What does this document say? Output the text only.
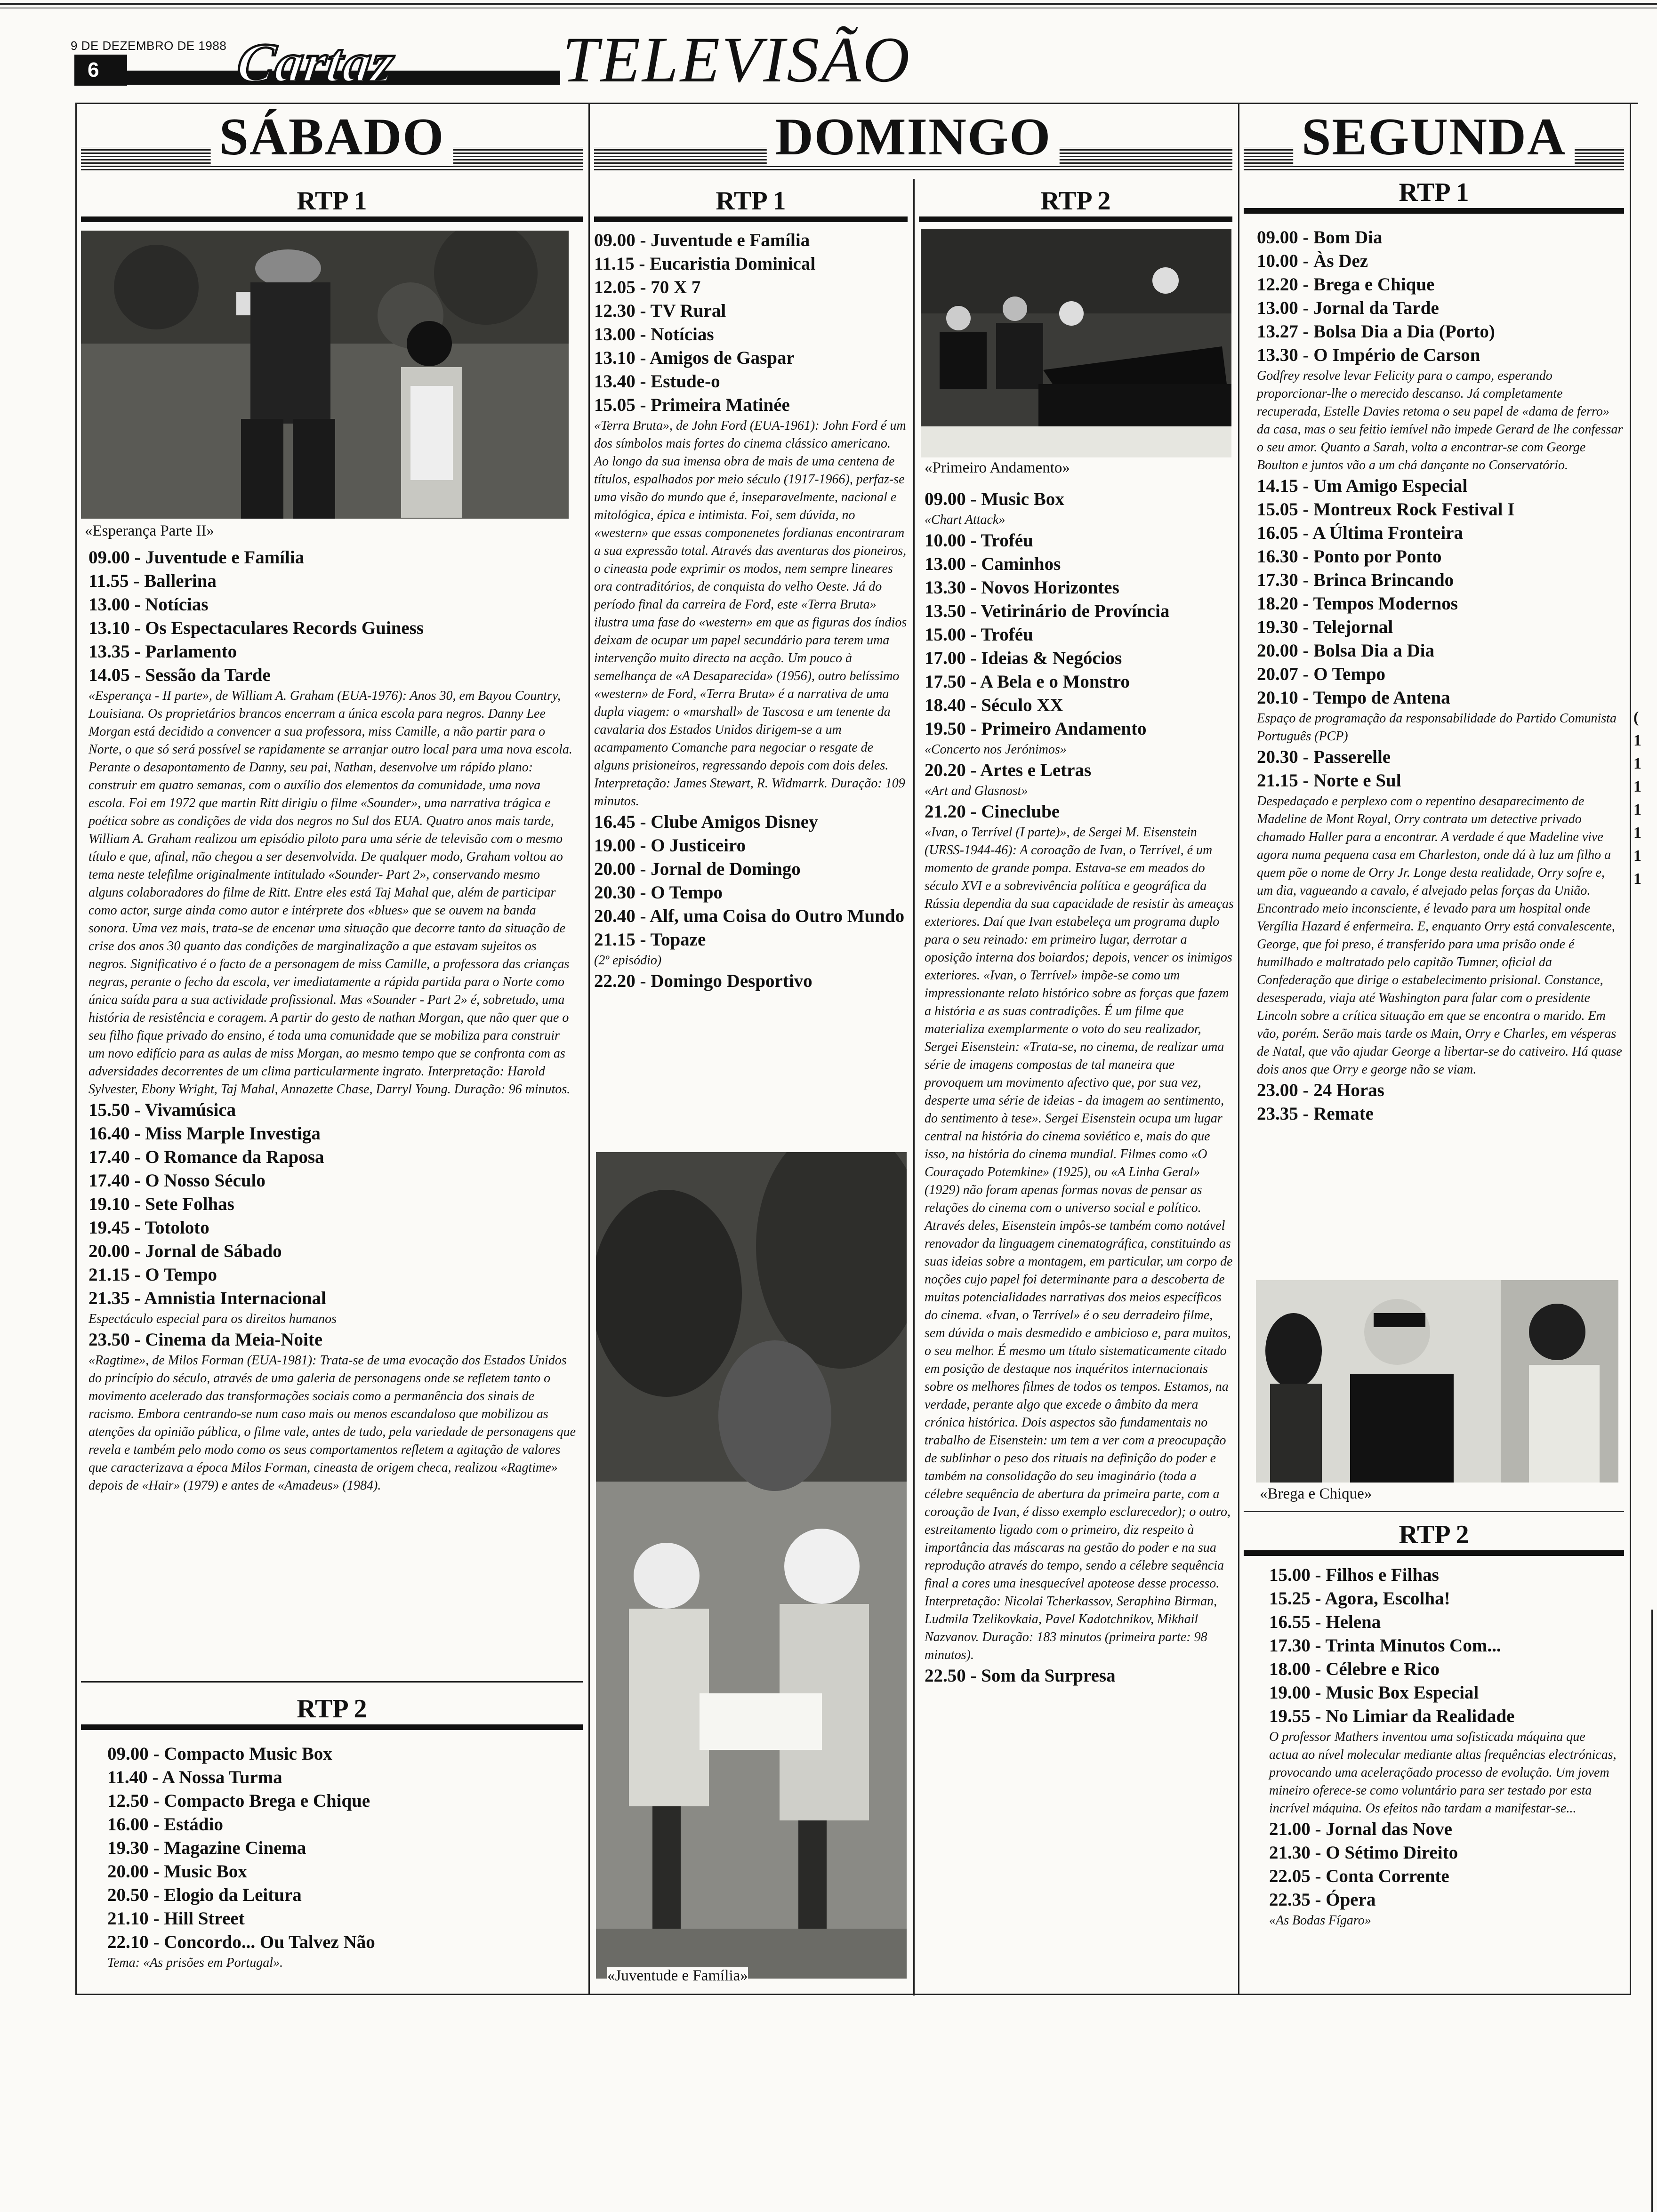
9 DE DEZEMBRO DE 1988
6	Cartaz	TELEVISÃO
SÁBADO	DOMINGO	SEGUNDA
RTP 1
«Esperança Parte II»
09.00 - Juventude e Família
11.55 - Ballerina
13.00 - Notícias
13.10 - Os Espectaculares Records Guiness
13.35 - Parlamento
14.05 - Sessão da Tarde

«Esperança - II parte», de William A. Graham (EUA-1976): Anos 30, em Bayou Country, Louisiana. Os proprietários brancos encerram a única escola para negros. Danny Lee Morgan está decidido a convencer a sua professora, miss Camille, a não partir para o Norte, o que só será possível se rapidamente se arranjar outro local para uma nova escola. Perante o desapontamento de Danny, seu pai, Nathan, desenvolve um rápido plano: construir em quatro semanas, com o auxílio dos elementos da comunidade, uma nova escola. Foi em 1972 que martin Ritt dirigiu o filme «Sounder», uma narrativa trágica e poética sobre as condições de vida dos negros no Sul dos EUA. Quatro anos mais tarde, William A. Graham realizou um episódio piloto para uma série de televisão com o mesmo título e que, afinal, não chegou a ser desenvolvida. De qualquer modo, Graham voltou ao tema neste telefilme originalmente intitulado «Sounder- Part 2», conservando mesmo alguns colaboradores do filme de Ritt. Entre eles está Taj Mahal que, além de participar como actor, surge ainda como autor e intérprete dos «blues» que se ouvem na banda sonora. Uma vez mais, trata-se de encenar uma situação que decorre tanto da situação de crise dos anos 30 quanto das condições de marginalização a que estavam sujeitos os negros. Significativo é o facto de a personagem de miss Camille, a professora das crianças negras, perante o fecho da escola, ver imediatamente a rápida partida para o Norte como única saída para a sua actividade profissional. Mas «Sounder - Part 2» é, sobretudo, uma história de resistência e coragem. A partir do gesto de nathan Morgan, que não quer que o seu filho fique privado do ensino, é toda uma comunidade que se mobiliza para construir um novo edifício para as aulas de miss Morgan, ao mesmo tempo que se confronta com as adversidades decorrentes de um clima particularmente ingrato. Interpretação: Harold Sylvester, Ebony Wright, Taj Mahal, Annazette Chase, Darryl Young. Duração: 96 minutos.

15.50 - Vivamúsica
16.40 - Miss Marple Investiga
17.40 - O Romance da Raposa
17.40 - O Nosso Século
19.10 - Sete Folhas
19.45 - Totoloto
20.00 - Jornal de Sábado
21.15 - O Tempo
21.35 - Amnistia Internacional

Espectáculo especial para os direitos humanos

23.50 - Cinema da Meia-Noite

«Ragtime», de Milos Forman (EUA-1981): Trata-se de uma evocação dos Estados Unidos do princípio do século, através de uma galeria de personagens onde se refletem tanto o movimento acelerado das transformações sociais como a permanência dos sinais de racismo. Embora centrando-se num caso mais ou menos escandaloso que mobilizou as atenções da opinião pública, o filme vale, antes de tudo, pela variedade de personagens que revela e também pelo modo como os seus comportamentos refletem a agitação de valores que caracterizava a época Milos Forman, cineasta de origem checa, realizou «Ragtime» depois de «Hair» (1979) e antes de «Amadeus» (1984).

RTP 2
09.00 - Compacto Music Box
11.40 - A Nossa Turma
12.50 - Compacto Brega e Chique
16.00 - Estádio
19.30 - Magazine Cinema
20.00 - Music Box
20.50 - Elogio da Leitura
21.10 - Hill Street
22.10 - Concordo... Ou Talvez Não

Tema: «As prisões em Portugal».

RTP 1
09.00 - Juventude e Família
11.15 - Eucaristia Dominical
12.05 - 70 X 7
12.30 - TV Rural
13.00 - Notícias
13.10 - Amigos de Gaspar
13.40 - Estude-o
15.05 - Primeira Matinée

«Terra Bruta», de John Ford (EUA-1961): John Ford é um dos símbolos mais fortes do cinema clássico americano. Ao longo da sua imensa obra de mais de uma centena de títulos, espalhados por meio século (1917-1966), perfaz-se uma visão do mundo que é, inseparavelmente, nacional e mitológica, épica e intimista. Foi, sem dúvida, no «western» que essas componenetes fordianas encontraram a sua expressão total. Através das aventuras dos pioneiros, o cineasta pode exprimir os modos, nem sempre lineares ora contraditórios, de conquista do velho Oeste. Já do período final da carreira de Ford, este «Terra Bruta» ilustra uma fase do «western» em que as figuras dos índios deixam de ocupar um papel secundário para terem uma intervenção muito directa na acção. Um pouco à semelhança de «A Desaparecida» (1956), outro belíssimo «western» de Ford, «Terra Bruta» é a narrativa de uma dupla viagem: o «marshall» de Tascosa e um tenente da cavalaria dos Estados Unidos dirigem-se a um acampamento Comanche para negociar o resgate de alguns prisioneiros, regressando depois com dois deles. Interpretação: James Stewart, R. Widmarrk. Duração: 109 minutos.

16.45 - Clube Amigos Disney
19.00 - O Justiceiro
20.00 - Jornal de Domingo
20.30 - O Tempo
20.40 - Alf, uma Coisa do Outro Mundo
21.15 - Topaze

(2º episódio)

22.20 - Domingo Desportivo
«Juventude e Família»
RTP 2
«Primeiro Andamento»
09.00 - Music Box

«Chart Attack»

10.00 - Troféu
13.00 - Caminhos
13.30 - Novos Horizontes
13.50 - Vetirinário de Província
15.00 - Troféu
17.00 - Ideias & Negócios
17.50 - A Bela e o Monstro
18.40 - Século XX
19.50 - Primeiro Andamento

«Concerto nos Jerónimos»

20.20 - Artes e Letras

«Art and Glasnost»

21.20 - Cineclube

«Ivan, o Terrível (I parte)», de Sergei M. Eisenstein (URSS-1944-46): A coroação de Ivan, o Terrível, é um momento de grande pompa. Estava-se em meados do século XVI e a sobrevivência política e geográfica da Rússia dependia da sua capacidade de resistir às ameaças exteriores. Daí que Ivan estabeleça um programa duplo para o seu reinado: em primeiro lugar, derrotar a oposição interna dos boiardos; depois, vencer os inimigos exteriores. «Ivan, o Terrível» impõe-se como um impressionante relato histórico sobre as forças que fazem a história e as suas contradições. É um filme que materializa exemplarmente o voto do seu realizador, Sergei Eisenstein: «Trata-se, no cinema, de realizar uma série de imagens compostas de tal maneira que provoquem um movimento afectivo que, por sua vez, desperte uma série de ideias - da imagem ao sentimento, do sentimento à tese». Sergei Eisenstein ocupa um lugar central na história do cinema soviético e, mais do que isso, na história do cinema mundial. Filmes como «O Couraçado Potemkine» (1925), ou «A Linha Geral» (1929) não foram apenas formas novas de pensar as relações do cinema com o universo social e político. Através deles, Eisenstein impôs-se também como notável renovador da linguagem cinematográfica, constituindo as suas ideias sobre a montagem, em particular, um corpo de noções cujo papel foi determinante para a descoberta de muitas potencialidades narrativas dos meios específicos do cinema. «Ivan, o Terrível» é o seu derradeiro filme, sem dúvida o mais desmedido e ambicioso e, para muitos, o seu melhor. É mesmo um título sistematicamente citado em posição de destaque nos inquéritos internacionais sobre os melhores filmes de todos os tempos. Estamos, na verdade, perante algo que excede o âmbito da mera crónica histórica. Dois aspectos são fundamentais no trabalho de Eisenstein: um tem a ver com a preocupação de sublinhar o peso dos rituais na definição do poder e também na consolidação do seu imaginário (toda a célebre sequência de abertura da primeira parte, com a coroação de Ivan, é disso exemplo esclarecedor); o outro, estreitamento ligado com o primeiro, diz respeito à importância das máscaras na gestão do poder e na sua reprodução através do tempo, sendo a célebre sequência final a cores uma inesquecível apoteose desse processo. Interpretação: Nicolai Tcherkassov, Seraphina Birman, Ludmila Tzelikovkaia, Pavel Kadotchnikov, Mikhail Nazvanov. Duração: 183 minutos (primeira parte: 98 minutos).

22.50 - Som da Surpresa
RTP 1
09.00 - Bom Dia
10.00 - Às Dez
12.20 - Brega e Chique
13.00 - Jornal da Tarde
13.27 - Bolsa Dia a Dia (Porto)
13.30 - O Império de Carson

Godfrey resolve levar Felicity para o campo, esperando proporcionar-lhe o merecido descanso. Já completamente recuperada, Estelle Davies retoma o seu papel de «dama de ferro» da casa, mas o seu feitio iemível não impede Gerard de lhe confessar o seu amor. Quanto a Sarah, volta a encontrar-se com George Boulton e juntos vão a um chá dançante no Conservatório.

14.15 - Um Amigo Especial
15.05 - Montreux Rock Festival I
16.05 - A Última Fronteira
16.30 - Ponto por Ponto
17.30 - Brinca Brincando
18.20 - Tempos Modernos
19.30 - Telejornal
20.00 - Bolsa Dia a Dia
20.07 - O Tempo
20.10 - Tempo de Antena

Espaço de programação da responsabilidade do Partido Comunista Português (PCP)

20.30 - Passerelle
21.15 - Norte e Sul

Despedaçado e perplexo com o repentino desaparecimento de Madeline de Mont Royal, Orry contrata um detective privado chamado Haller para a encontrar. A verdade é que Madeline vive agora numa pequena casa em Charleston, onde dá à luz um filho a quem põe o nome de Orry Jr. Longe desta realidade, Orry sofre e, um dia, vagueando a cavalo, é alvejado pelas forças da União. Encontrado meio inconsciente, é levado para um hospital onde Vergília Hazard é enfermeira. E, enquanto Orry está convalescente, George, que foi preso, é transferido para uma prisão onde é humilhado e maltratado pelo capitão Tumner, oficial da Confederação que dirige o estabelecimento prisional. Constance, desesperada, viaja até Washington para falar com o presidente Lincoln sobre a crítica situação em que se encontra o marido. Em vão, porém. Serão mais tarde os Main, Orry e Charles, em vésperas de Natal, que vão ajudar George a libertar-se do cativeiro. Há quase dois anos que Orry e george não se viam.

23.00 - 24 Horas
23.35 - Remate
«Brega e Chique»
RTP 2
15.00 - Filhos e Filhas
15.25 - Agora, Escolha!
16.55 - Helena
17.30 - Trinta Minutos Com...
18.00 - Célebre e Rico
19.00 - Music Box Especial
19.55 - No Limiar da Realidade

O professor Mathers inventou uma sofisticada máquina que actua ao nível molecular mediante altas frequências electrónicas, provocando uma aceleraçõado processo de evolução. Um jovem mineiro oferece-se como voluntário para ser testado por esta incrível máquina. Os efeitos não tardam a manifestar-se...

21.00 - Jornal das Nove
21.30 - O Sétimo Direito
22.05 - Conta Corrente
22.35 - Ópera

«As Bodas Fígaro»

(
1
1
1
1
1
1
1
